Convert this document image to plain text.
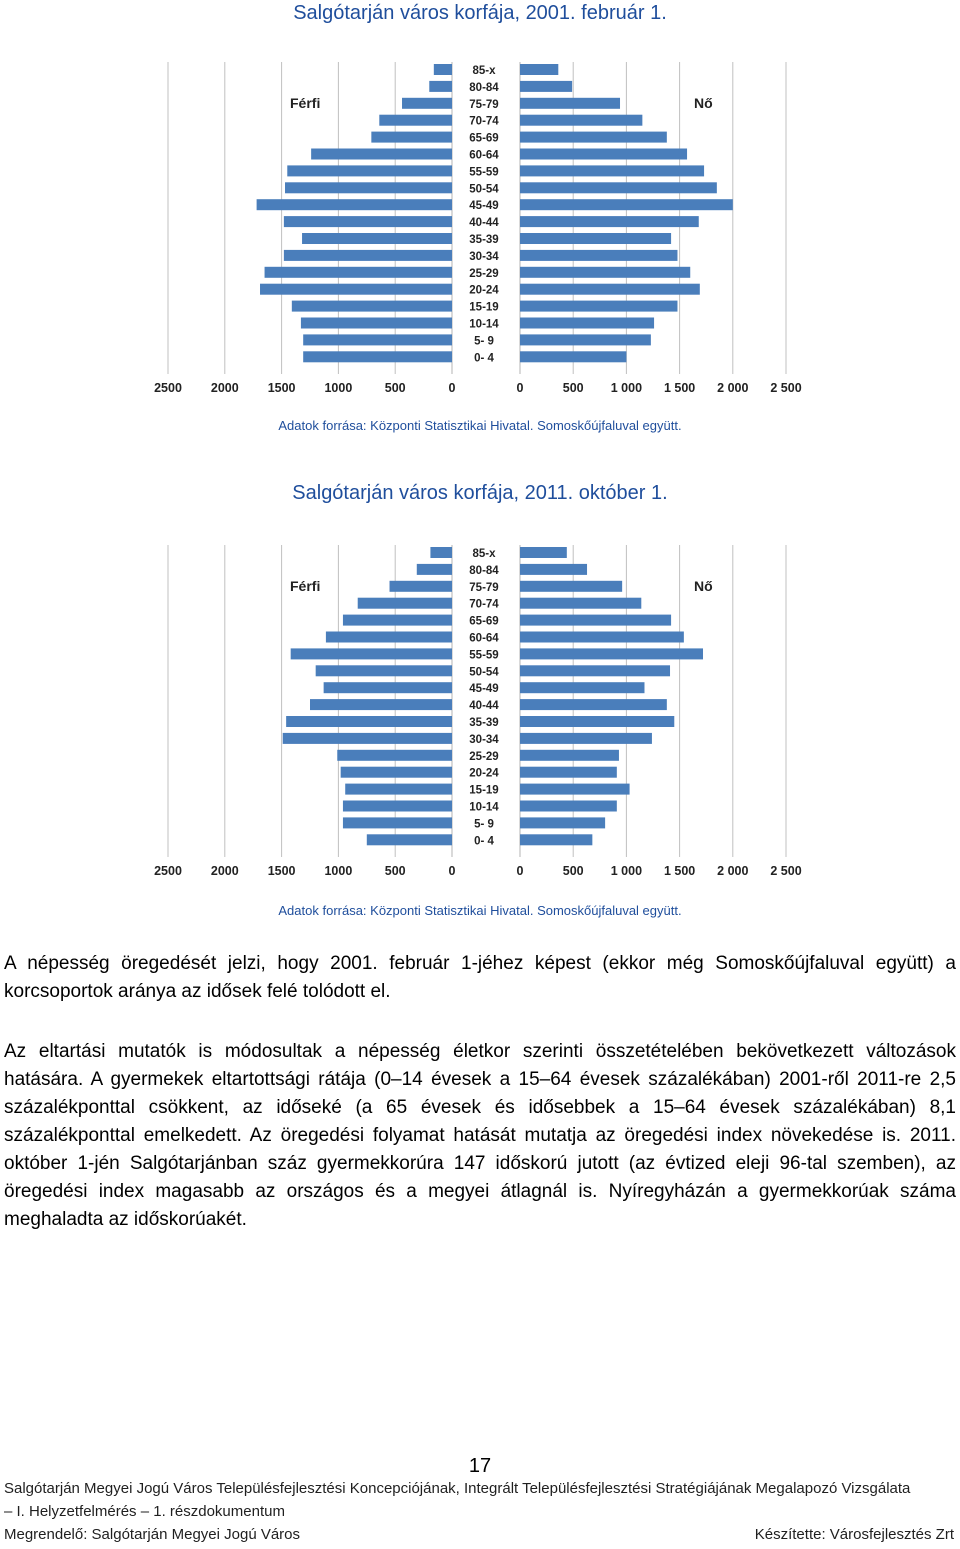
Salgótarján város korfája, 2001. február 1.
85-x
80-84
75-79
70-74
65-69
60-64
55-59
50-54
45-49
40-44
35-39
30-34
25-29
20-24
15-19
10-14
5- 9
0- 4
Férfi	Nő
2500 2000 1500 1000	500	0	0	500 1 000 1 500 2 000 2 500
Adatok forrása: Központi Statisztikai Hivatal. Somoskőújfaluval együtt.
Salgótarján város korfája, 2011. október 1.
85-x
80-84
75-79
70-74
65-69
60-64
55-59
50-54
45-49
40-44
35-39
30-34
25-29
20-24
15-19
10-14
5- 9
0- 4
Férfi	Nő
2500 2000 1500 1000	500	0	0	500 1 000 1 500 2 000 2 500
Adatok forrása: Központi Statisztikai Hivatal. Somoskőújfaluval együtt.

A népesség öregedését jelzi, hogy 2001. február 1-jéhez képest (ekkor még Somoskőújfaluval együtt) a korcsoportok aránya az idősek felé tolódott el.

Az eltartási mutatók is módosultak a népesség életkor szerinti összetételében bekövetkezett változások hatására. A gyermekek eltartottsági rátája (0–14 évesek a 15–64 évesek százalékában) 2001-ről 2011-re 2,5 százalékponttal csökkent, az időseké (a 65 évesek és idősebbek a 15–64 évesek százalékában) 8,1 százalékponttal emelkedett. Az öregedési folyamat hatását mutatja az öregedési index növekedése is. 2011. október 1-jén Salgótarjánban száz gyermekkorúra 147 időskorú jutott (az évtized eleji 96-tal szemben), az öregedési index magasabb az országos és a megyei átlagnál is. Nyíregyházán a gyermekkorúak száma meghaladta az időskorúakét.

17
Salgótarján Megyei Jogú Város Településfejlesztési Koncepciójának, Integrált Településfejlesztési Stratégiájának Megalapozó Vizsgálata
– I. Helyzetfelmérés – 1. részdokumentum
Megrendelő: Salgótarján Megyei Jogú Város	Készítette: Városfejlesztés Zrt
